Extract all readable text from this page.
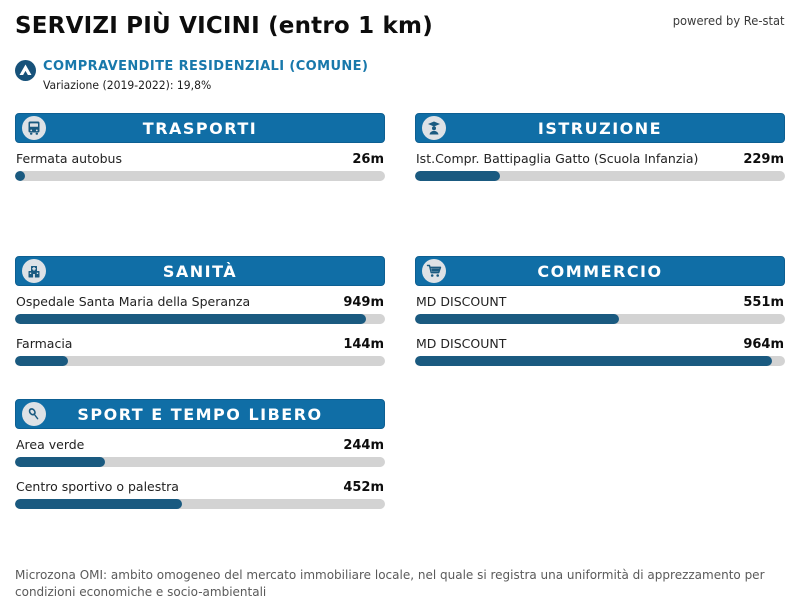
SERVIZI PIÙ VICINI (entro 1 km)	powered by Re-stat
COMPRAVENDITE RESIDENZIALI (COMUNE)
Variazione (2019-2022): 19,8%
TRASPORTI
Fermata autobus	26m
ISTRUZIONE
Ist.Compr. Battipaglia Gatto (Scuola Infanzia)	229m
SANITÀ
Ospedale Santa Maria della Speranza	949m
Farmacia	144m
COMMERCIO
MD DISCOUNT	551m
MD DISCOUNT	964m
SPORT E TEMPO LIBERO
Area verde	244m
Centro sportivo o palestra	452m

Microzona OMI: ambito omogeneo del mercato immobiliare locale, nel quale si registra una uniformità di apprezzamento per condizioni economiche e socio-ambientali
